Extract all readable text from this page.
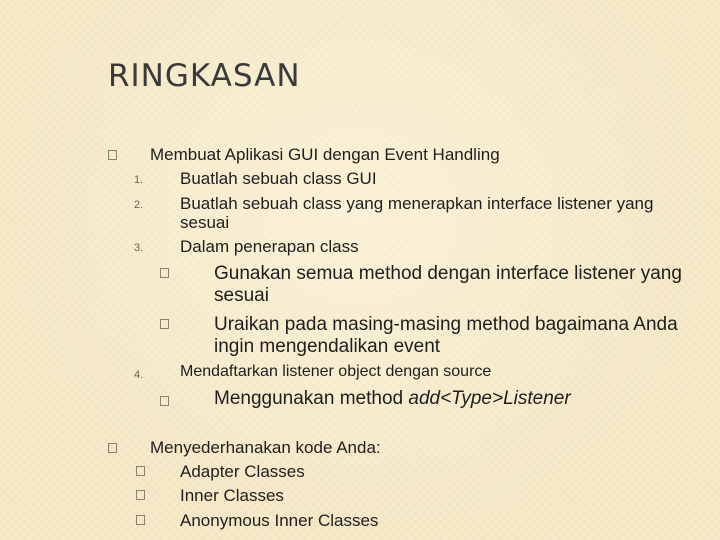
RINGKASAN
Membuat Aplikasi GUI dengan Event Handling
1. Buatlah sebuah class GUI
2. Buatlah sebuah class yang menerapkan interface listener yang
sesuai
3. Dalam penerapan class
Gunakan semua method dengan interface listener yang
sesuai
Uraikan pada masing-masing method bagaimana Anda
ingin mengendalikan event
4. Mendaftarkan listener object dengan source
Menggunakan method add<Type>Listener
Menyederhanakan kode Anda:
Adapter Classes
Inner Classes
Anonymous Inner Classes
